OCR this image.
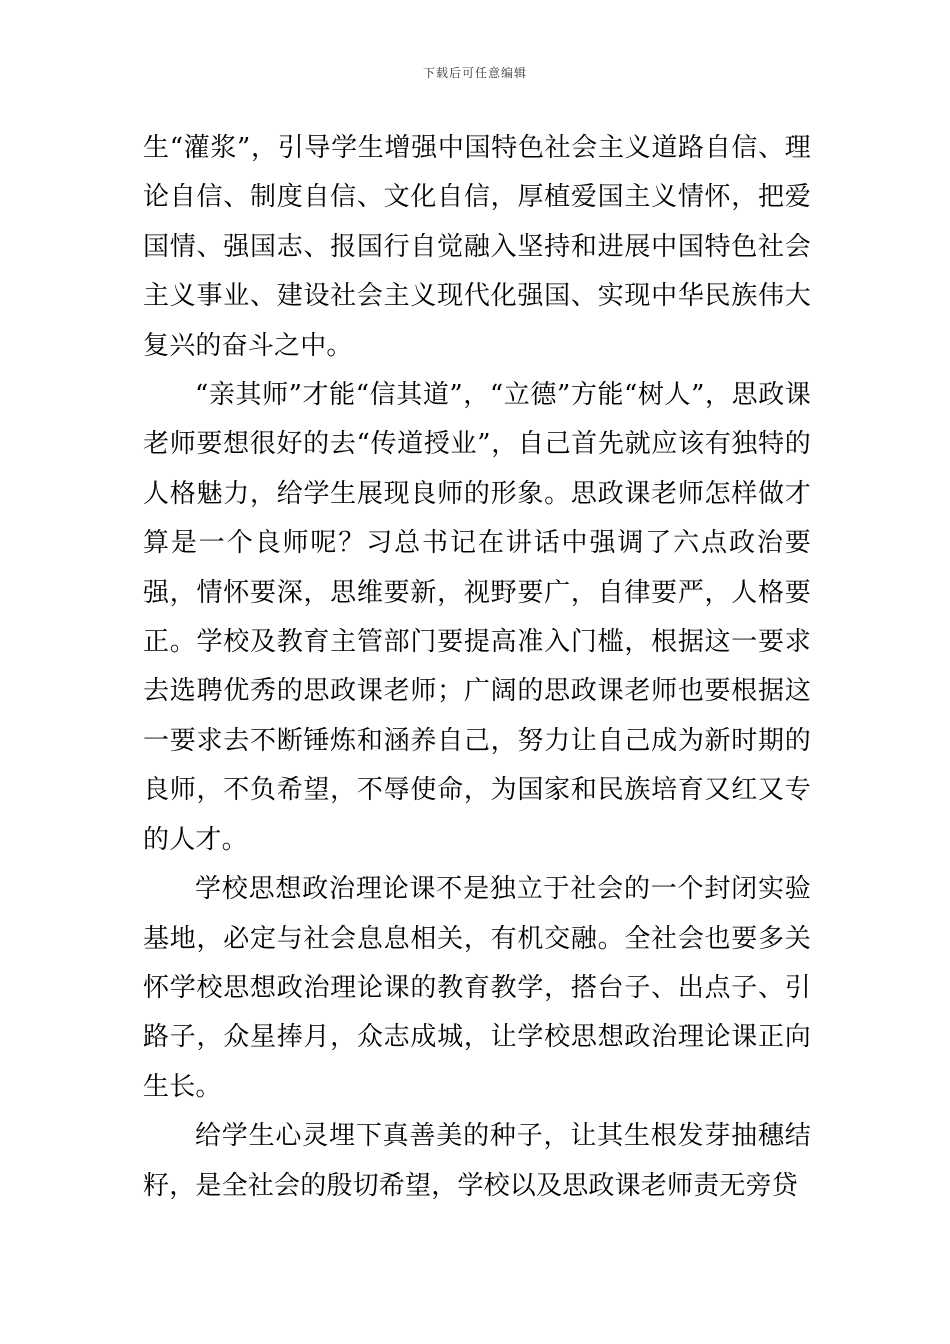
下载后可任意编辑

生“灌浆”，引导学生增强中国特色社会主义道路自信、理论自信、制度自信、文化自信，厚植爱国主义情怀，把爱国情、强国志、报国行自觉融入坚持和进展中国特色社会主义事业、建设社会主义现代化强国、实现中华民族伟大复兴的奋斗之中。

“亲其师”才能“信其道”，“立德”方能“树人”，思政课老师要想很好的去“传道授业”，自己首先就应该有独特的人格魅力，给学生展现良师的形象。思政课老师怎样做才算是一个良师呢？习总书记在讲话中强调了六点政治要强，情怀要深，思维要新，视野要广，自律要严，人格要正。学校及教育主管部门要提高准入门槛，根据这一要求去选聘优秀的思政课老师；广阔的思政课老师也要根据这一要求去不断锤炼和涵养自己，努力让自己成为新时期的良师，不负希望，不辱使命，为国家和民族培育又红又专的人才。

学校思想政治理论课不是独立于社会的一个封闭实验基地，必定与社会息息相关，有机交融。全社会也要多关怀学校思想政治理论课的教育教学，搭台子、出点子、引路子，众星捧月，众志成城，让学校思想政治理论课正向生长。

给学生心灵埋下真善美的种子，让其生根发芽抽穗结籽，是全社会的殷切希望，学校以及思政课老师责无旁贷
